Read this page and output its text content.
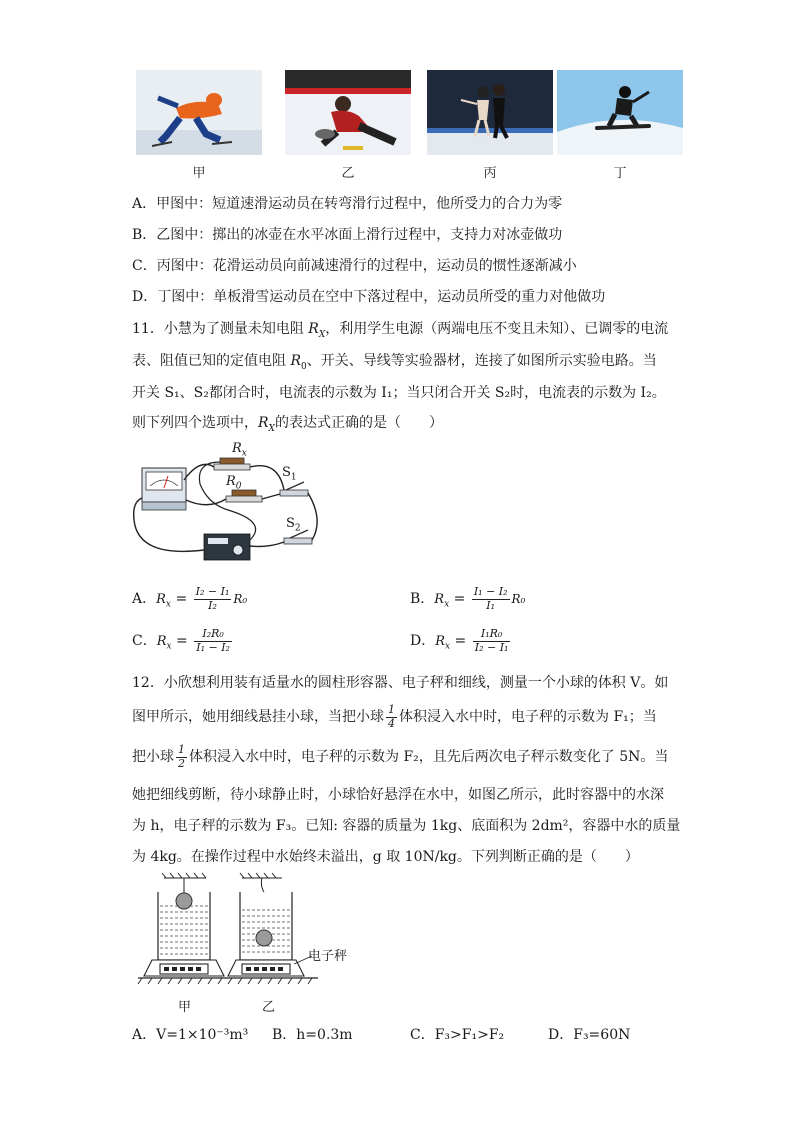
甲	乙	丙	丁
A．甲图中：短道速滑运动员在转弯滑行过程中，他所受力的合力为零
B．乙图中：掷出的冰壶在水平冰面上滑行过程中，支持力对冰壶做功
C．丙图中：花滑运动员向前减速滑行的过程中，运动员的惯性逐渐减小
D．丁图中：单板滑雪运动员在空中下落过程中，运动员所受的重力对他做功
11．小慧为了测量未知电阻 $R_X$，利用学生电源（两端电压不变且未知）、已调零的电流
表、阻值已知的定值电阻 $R_0$、开关、导线等实验器材，连接了如图所示实验电路。当
开关 S₁、S₂都闭合时，电流表的示数为 I₁；当只闭合开关 S₂时，电流表的示数为 I₂。
则下列四个选项中，$R_X$的表达式正确的是（　　）
$R_x$
$R_0$
$S_1$
$S_2$
A．$R_x = \frac{\text{I₂ − I₁}}{\text{I₂}} R_0$	B．$R_x = \frac{\text{I₁ − I₂}}{\text{I₁}} R_0$
C．$R_x = \frac{\text{I₂R₀}}{\text{I₁ − I₂}}$	D．$R_x = \frac{\text{I₁R₀}}{\text{I₂ − I₁}}$
12．小欣想利用装有适量水的圆柱形容器、电子秤和细线，测量一个小球的体积 V。如
图甲所示，她用细线悬挂小球，当把小球 $\frac{1}{4}$ 体积浸入水中时，电子秤的示数为 F₁；当
把小球 $\frac{1}{2}$ 体积浸入水中时，电子秤的示数为 F₂，且先后两次电子秤示数变化了 5N。当
她把细线剪断，待小球静止时，小球恰好悬浮在水中，如图乙所示，此时容器中的水深
为 h，电子秤的示数为 F₃。已知: 容器的质量为 1kg、底面积为 2dm²，容器中水的质量
为 4kg。在操作过程中水始终未溢出，g 取 10N/kg。下列判断正确的是（　　）
电子秤
甲	乙
A．V=1×10⁻³m³ B．h=0.3m	C．F₃>F₁>F₂	D．F₃=60N
